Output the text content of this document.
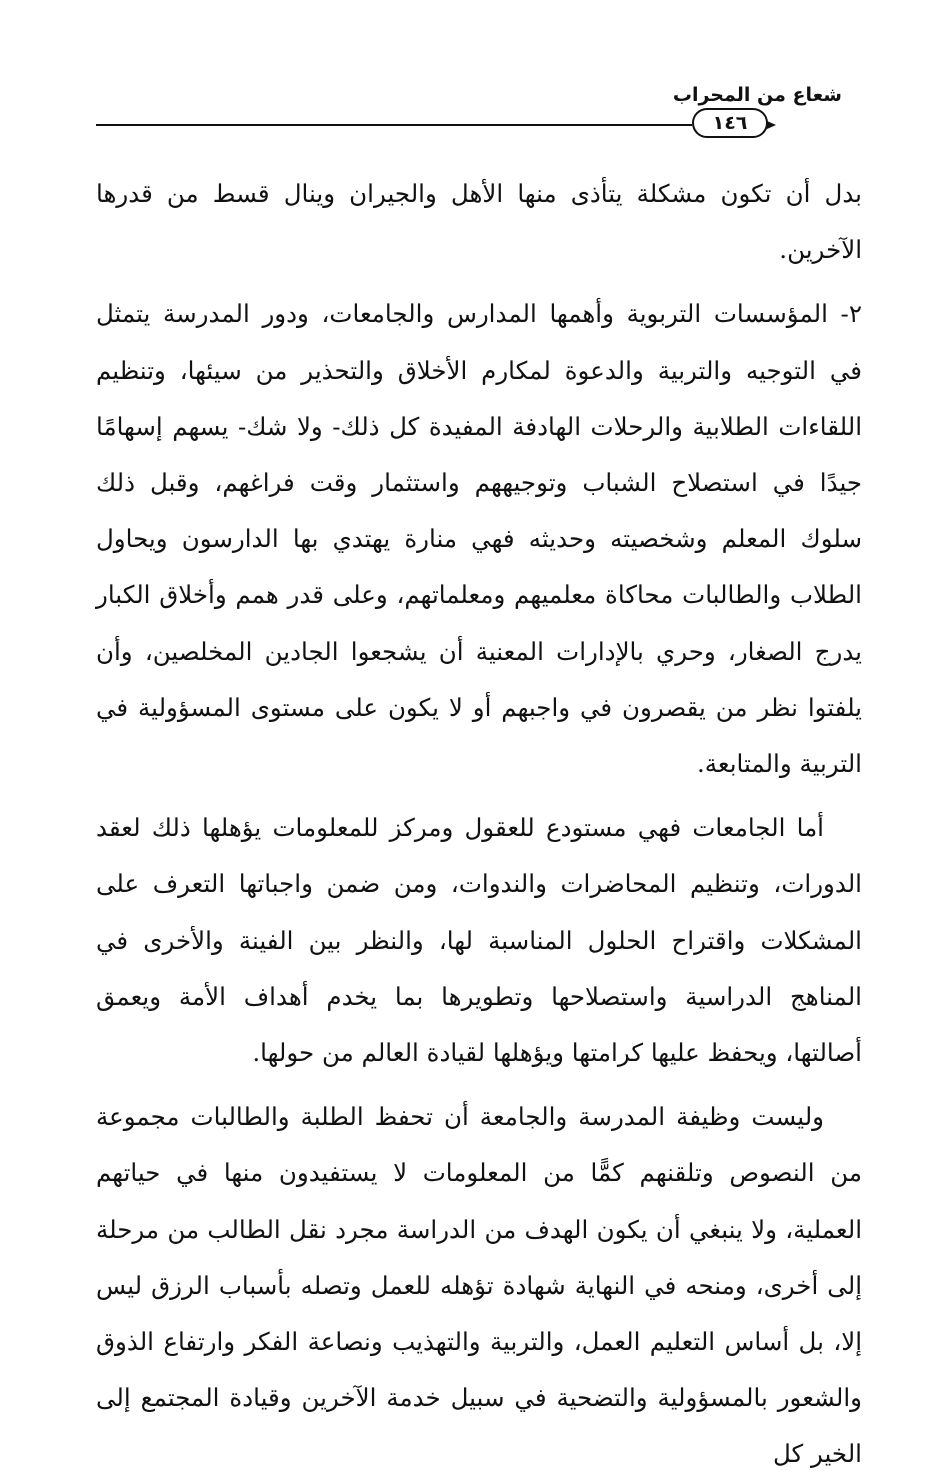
شعاع من المحراب
١٤٦

بدل أن تكون مشكلة يتأذى منها الأهل والجيران وينال قسط من قدرها الآخرين.

٢- المؤسسات التربوية وأهمها المدارس والجامعات، ودور المدرسة يتمثل في التوجيه والتربية والدعوة لمكارم الأخلاق والتحذير من سيئها، وتنظيم اللقاءات الطلابية والرحلات الهادفة المفيدة كل ذلك- ولا شك- يسهم إسهامًا جيدًا في استصلاح الشباب وتوجيههم واستثمار وقت فراغهم، وقبل ذلك سلوك المعلم وشخصيته وحديثه فهي منارة يهتدي بها الدارسون ويحاول الطلاب والطالبات محاكاة معلميهم ومعلماتهم، وعلى قدر همم وأخلاق الكبار يدرج الصغار، وحري بالإدارات المعنية أن يشجعوا الجادين المخلصين، وأن يلفتوا نظر من يقصرون في واجبهم أو لا يكون على مستوى المسؤولية في التربية والمتابعة.

أما الجامعات فهي مستودع للعقول ومركز للمعلومات يؤهلها ذلك لعقد الدورات، وتنظيم المحاضرات والندوات، ومن ضمن واجباتها التعرف على المشكلات واقتراح الحلول المناسبة لها، والنظر بين الفينة والأخرى في المناهج الدراسية واستصلاحها وتطويرها بما يخدم أهداف الأمة ويعمق أصالتها، ويحفظ عليها كرامتها ويؤهلها لقيادة العالم من حولها.

وليست وظيفة المدرسة والجامعة أن تحفظ الطلبة والطالبات مجموعة من النصوص وتلقنهم كمًّا من المعلومات لا يستفيدون منها في حياتهم العملية، ولا ينبغي أن يكون الهدف من الدراسة مجرد نقل الطالب من مرحلة إلى أخرى، ومنحه في النهاية شهادة تؤهله للعمل وتصله بأسباب الرزق ليس إلا، بل أساس التعليم العمل، والتربية والتهذيب ونصاعة الفكر وارتفاع الذوق والشعور بالمسؤولية والتضحية في سبيل خدمة الآخرين وقيادة المجتمع إلى الخير كل
